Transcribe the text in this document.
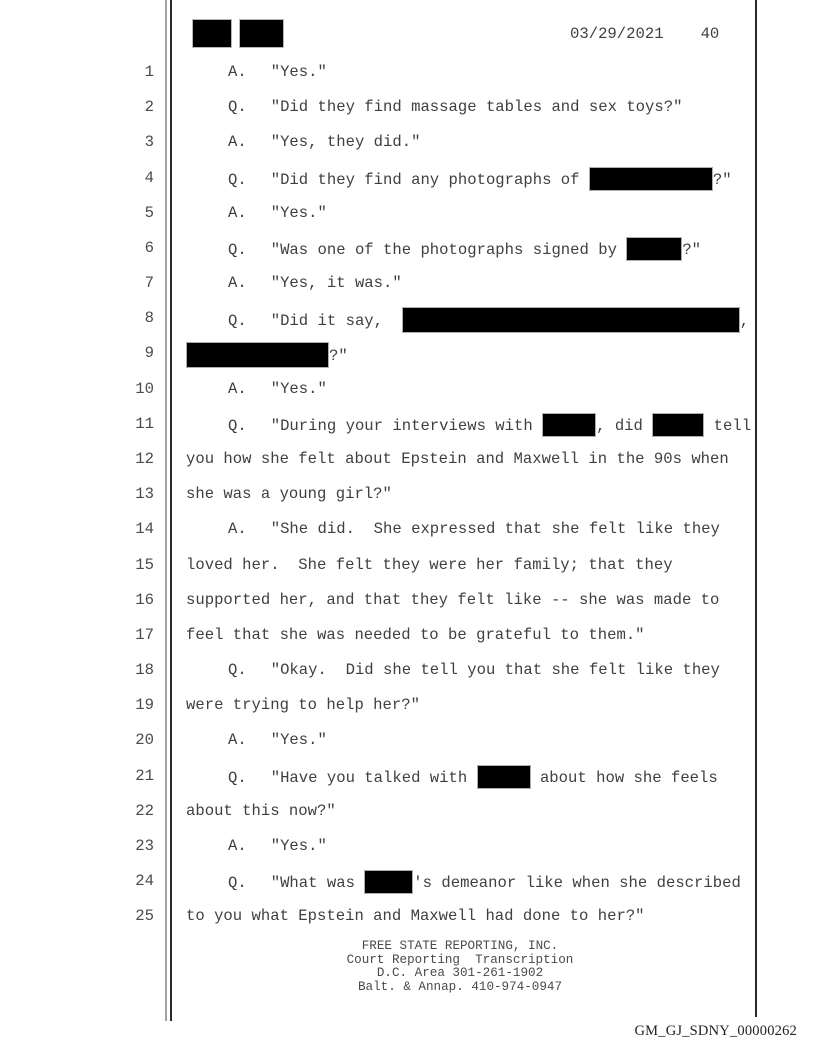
03/29/2021 40
1	A. "Yes."
2	Q. "Did they find massage tables and sex toys?"
3	A. "Yes, they did."
4	Q. "Did they find any photographs of	?"
5	A. "Yes."
6	Q. "Was one of the photographs signed by	?"
7	A. "Yes, it was."
8	Q. "Did it say,	,
9	?"
10	A. "Yes."
11	Q. "During your interviews with	, did	tell
12 you how she felt about Epstein and Maxwell in the 90s when
13 she was a young girl?"
14	A. "She did.  She expressed that she felt like they
15 loved her.  She felt they were her family; that they
16 supported her, and that they felt like -- she was made to
17 feel that she was needed to be grateful to them."
18	Q. "Okay.  Did she tell you that she felt like they
19 were trying to help her?"
20	A. "Yes."
21	Q. "Have you talked with	about how she feels
22 about this now?"
23	A. "Yes."
24	Q. "What was	's demeanor like when she described
25 to you what Epstein and Maxwell had done to her?"
FREE STATE REPORTING, INC.
Court Reporting  Transcription
D.C. Area 301-261-1902
Balt. & Annap. 410-974-0947
GM_GJ_SDNY_00000262
